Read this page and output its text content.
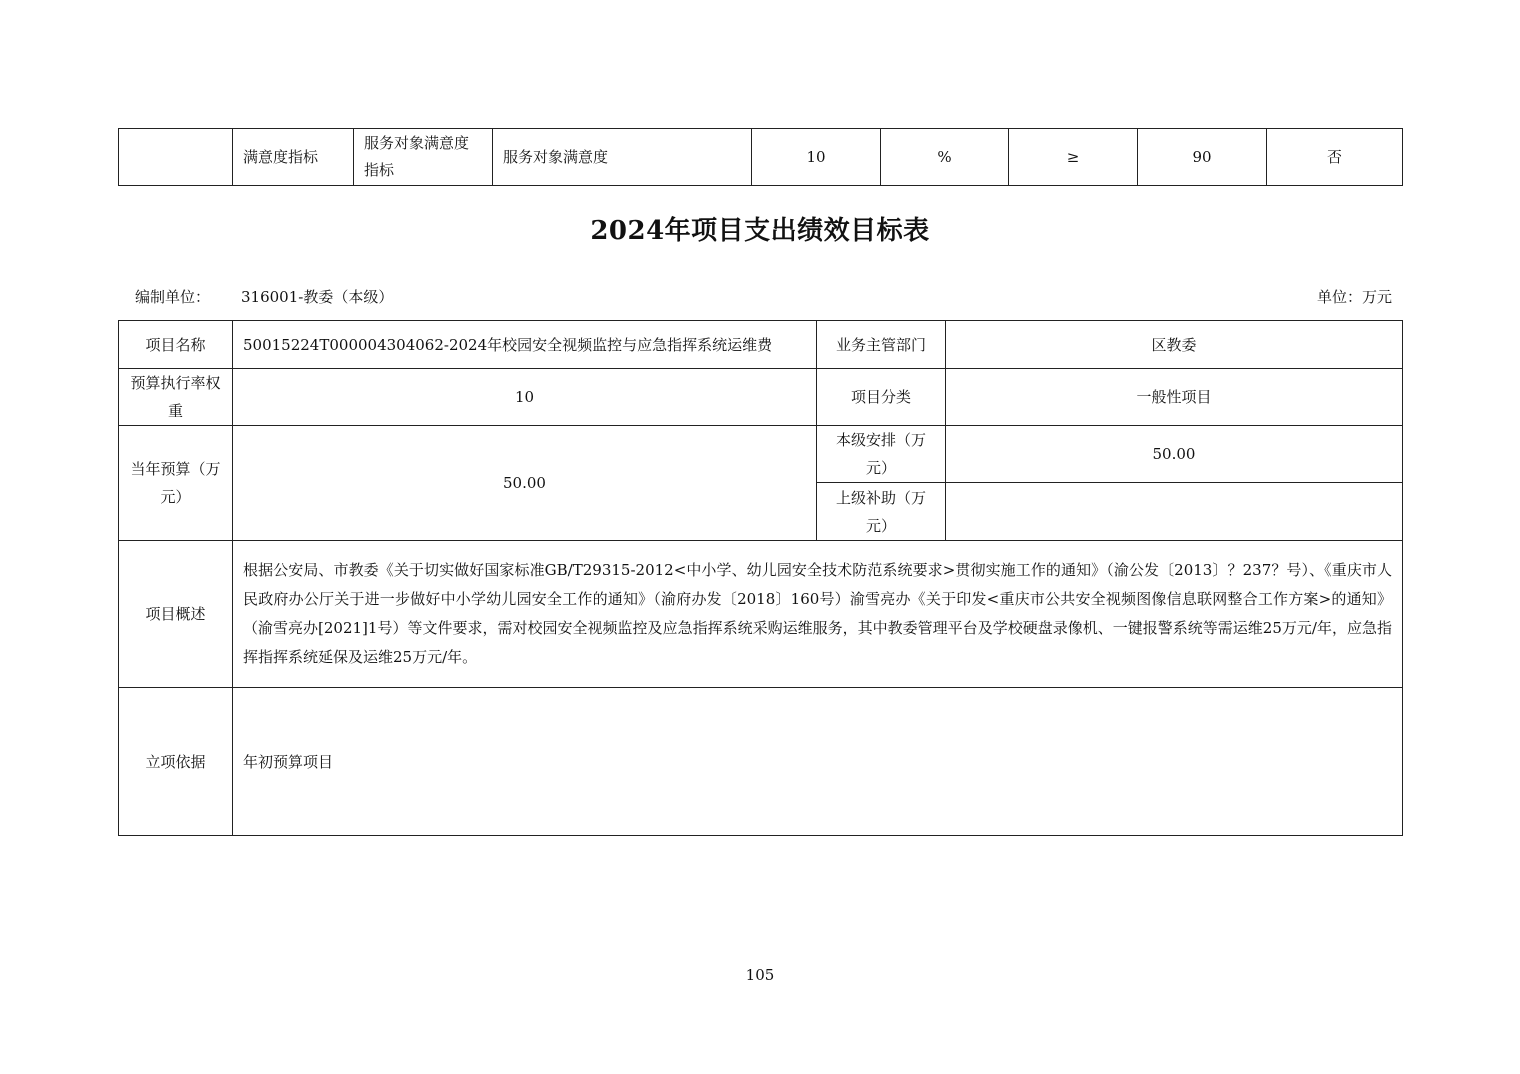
	满意度指标	服务对象满意度指标	服务对象满意度	10	%	≥	90	否
2024年项目支出绩效目标表
编制单位： 316001-教委（本级）	单位：万元
项目名称	50015224T000004304062-2024年校园安全视频监控与应急指挥系统运维费	业务主管部门	区教委
预算执行率权重	10	项目分类	一般性项目
当年预算（万元）	50.00	本级安排（万元）	50.00
		上级补助（万元）	
项目概述	根据公安局、市教委《关于切实做好国家标准GB/T29315-2012<中小学、幼儿园安全技术防范系统要求>贯彻实施工作的通知》（渝公发〔2013〕？237？号）、《重庆市人民政府办公厅关于进一步做好中小学幼儿园安全工作的通知》（渝府办发〔2018〕160号）渝雪亮办《关于印发<重庆市公共安全视频图像信息联网整合工作方案>的通知》（渝雪亮办[2021]1号）等文件要求，需对校园安全视频监控及应急指挥系统采购运维服务，其中教委管理平台及学校硬盘录像机、一键报警系统等需运维25万元/年，应急指挥指挥系统延保及运维25万元/年。		
立项依据	年初预算项目		
105
